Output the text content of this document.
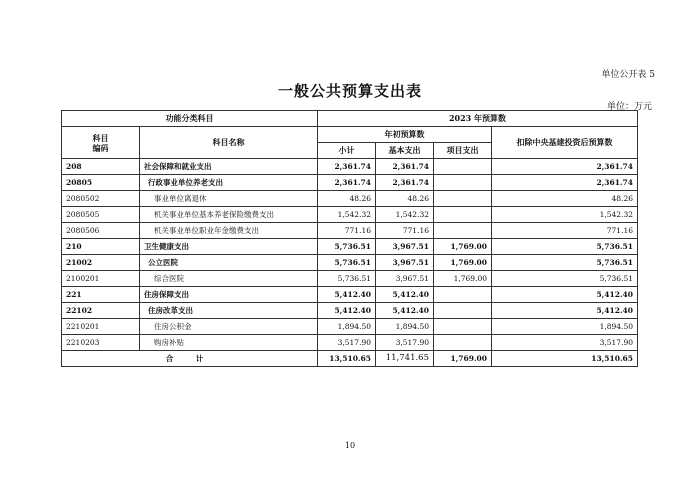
单位公开表 5
一般公共预算支出表
单位：万元
功能分类科目		2023 年预算数			
科目
编码	科目名称	年初预算数			扣除中央基建投资后预算数
		小计	基本支出	项目支出	
208	社会保障和就业支出	2,361.74	2,361.74		2,361.74
20805	行政事业单位养老支出	2,361.74	2,361.74		2,361.74
2080502	事业单位离退休	48.26	48.26		48.26
2080505	机关事业单位基本养老保险缴费支出	1,542.32	1,542.32		1,542.32
2080506	机关事业单位职业年金缴费支出	771.16	771.16		771.16
210	卫生健康支出	5,736.51	3,967.51	1,769.00	5,736.51
21002	公立医院	5,736.51	3,967.51	1,769.00	5,736.51
2100201	综合医院	5,736.51	3,967.51	1,769.00	5,736.51
221	住房保障支出	5,412.40	5,412.40		5,412.40
22102	住房改革支出	5,412.40	5,412.40		5,412.40
2210201	住房公积金	1,894.50	1,894.50		1,894.50
2210203	购房补贴	3,517.90	3,517.90		3,517.90
合 计		13,510.65	11,741.65	1,769.00	13,510.65
10
